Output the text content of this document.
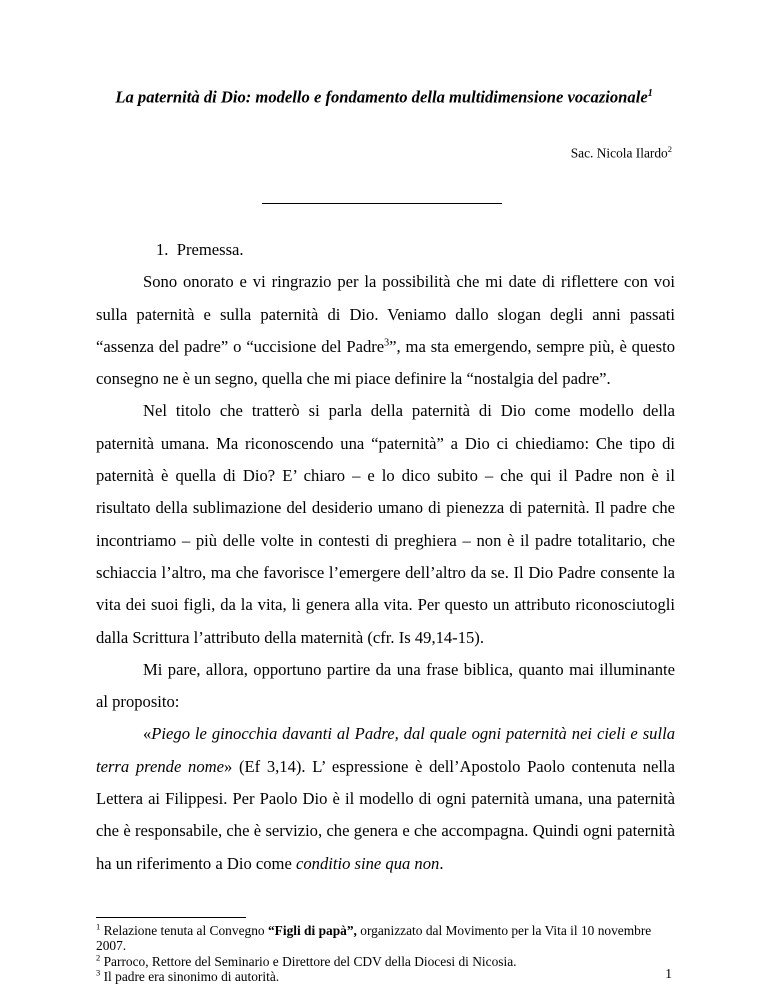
La paternità di Dio: modello e fondamento della multidimensione vocazionale$^1$
Sac. Nicola Ilardo$^2$

1.  Premessa.

Sono onorato e vi ringrazio per la possibilità che mi date di riflettere con voi sulla paternità e sulla paternità di Dio. Veniamo dallo slogan degli anni passati “assenza del padre” o “uccisione del Padre$^3$”, ma sta emergendo, sempre più, è questo consegno ne è un segno, quella che mi piace definire la “nostalgia del padre”.

Nel titolo che tratterò si parla della paternità di Dio come modello della paternità umana. Ma riconoscendo una “paternità” a Dio ci chiediamo: Che tipo di paternità è quella di Dio? E’ chiaro – e lo dico subito – che qui il Padre non è il risultato della sublimazione del desiderio umano di pienezza di paternità. Il padre che incontriamo – più delle volte in contesti di preghiera – non è il padre totalitario, che schiaccia l’altro, ma che favorisce l’emergere dell’altro da se. Il Dio Padre consente la vita dei suoi figli, da la vita, li genera alla vita. Per questo un attributo riconosciutogli dalla Scrittura l’attributo della maternità (cfr. Is 49,14-15).

Mi pare, allora, opportuno partire da una frase biblica, quanto mai illuminante al proposito:

«Piego le ginocchia davanti al Padre, dal quale ogni paternità nei cieli e sulla terra prende nome» (Ef 3,14). L’ espressione è dell’Apostolo Paolo contenuta nella Lettera ai Filippesi. Per Paolo Dio è il modello di ogni paternità umana, una paternità che è responsabile, che è servizio, che genera e che accompagna. Quindi ogni paternità ha un riferimento a Dio come conditio sine qua non.

$^1$ Relazione tenuta al Convegno “Figli di papà”, organizzato dal Movimento per la Vita il 10 novembre 2007.

$^2$ Parroco, Rettore del Seminario e Direttore del CDV della Diocesi di Nicosia.

$^3$ Il padre era sinonimo di autorità.	1
